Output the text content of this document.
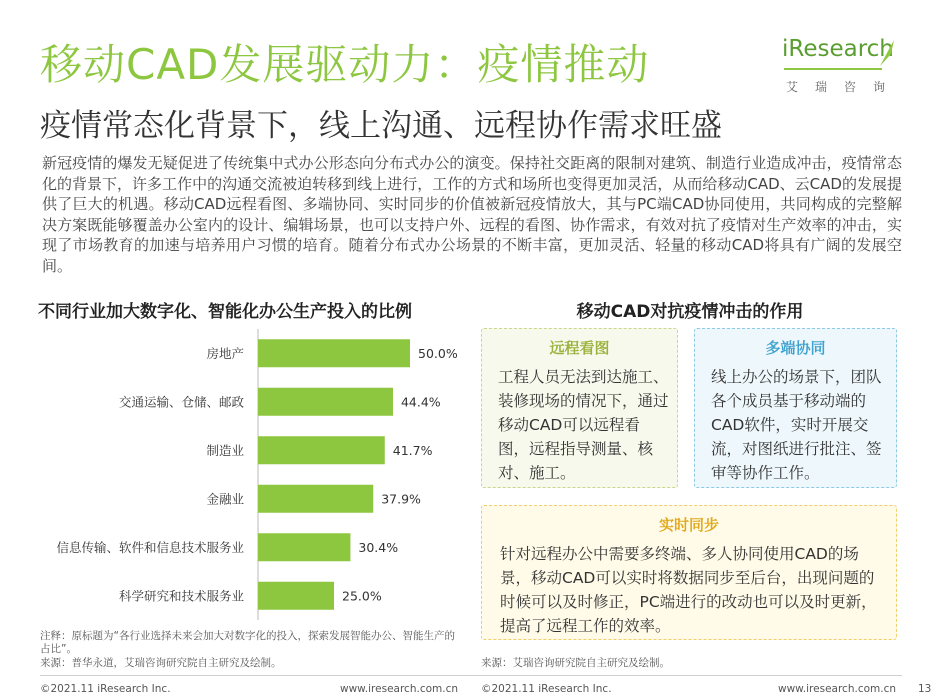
移动CAD发展驱动力：疫情推动
疫情常态化背景下，线上沟通、远程协作需求旺盛
iResearch
艾瑞咨询
新冠疫情的爆发无疑促进了传统集中式办公形态向分布式办公的演变。保持社交距离的限制对建筑、制造行业造成冲击，疫情常态化的背景下，许多工作中的沟通交流被迫转移到线上进行，工作的方式和场所也变得更加灵活，从而给移动CAD、云CAD的发展提供了巨大的机遇。移动CAD远程看图、多端协同、实时同步的价值被新冠疫情放大，其与PC端CAD协同使用，共同构成的完整解决方案既能够覆盖办公室内的设计、编辑场景，也可以支持户外、远程的看图、协作需求，有效对抗了疫情对生产效率的冲击，实现了市场教育的加速与培养用户习惯的培育。随着分布式办公场景的不断丰富，更加灵活、轻量的移动CAD将具有广阔的发展空间。
不同行业加大数字化、智能化办公生产投入的比例
房地产	50.0%
交通运输、仓储、邮政	44.4%
制造业	41.7%
金融业	37.9%
信息传输、软件和信息技术服务业	30.4%
科学研究和技术服务业	25.0%
移动CAD对抗疫情冲击的作用
远程看图
工程人员无法到达施工、装修现场的情况下，通过移动CAD可以远程看图，远程指导测量、核对、施工。
多端协同
线上办公的场景下，团队各个成员基于移动端的CAD软件，实时开展交流，对图纸进行批注、签审等协作工作。
实时同步
针对远程办公中需要多终端、多人协同使用CAD的场景，移动CAD可以实时将数据同步至后台，出现问题的时候可以及时修正，PC端进行的改动也可以及时更新，提高了远程工作的效率。
注释：原标题为“各行业选择未来会加大对数字化的投入，探索发展智能办公、智能生产的占比”。
来源：普华永道，艾瑞咨询研究院自主研究及绘制。	来源：艾瑞咨询研究院自主研究及绘制。
©2021.11 iResearch Inc.	www.iresearch.com.cn ©2021.11 iResearch Inc.	www.iresearch.com.cn 13
